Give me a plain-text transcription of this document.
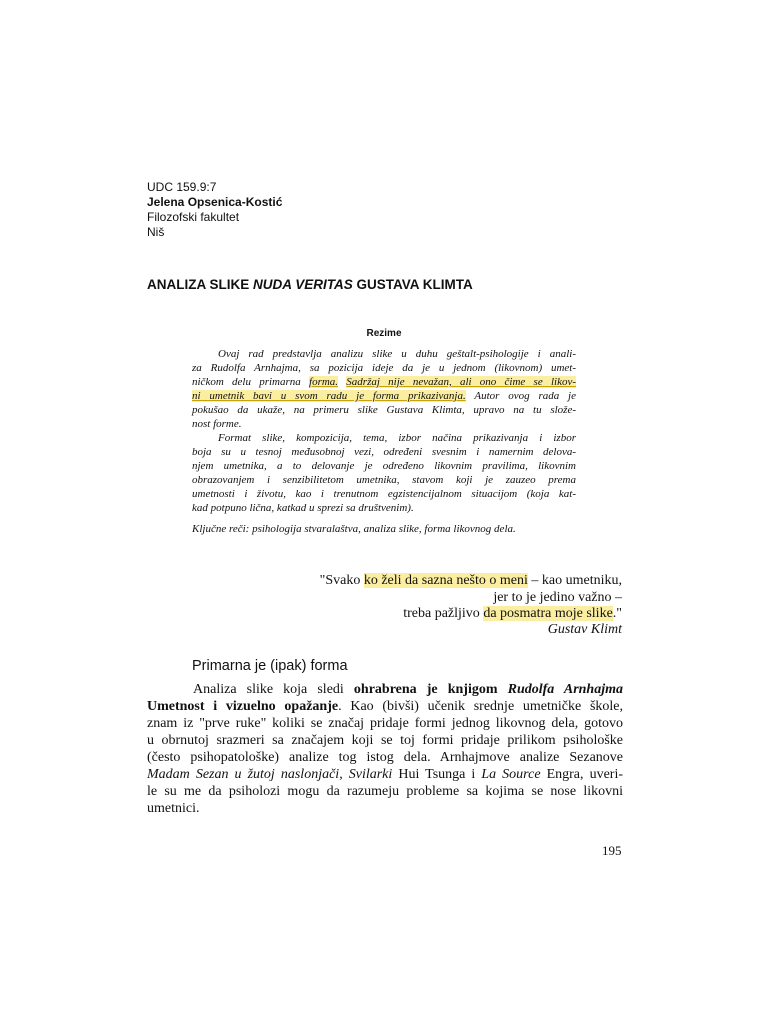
UDC 159.9:7
Jelena Opsenica-Kostić
Filozofski fakultet
Niš
ANALIZA SLIKE NUDA VERITAS GUSTAVA KLIMTA
Rezime
Ovaj rad predstavlja analizu slike u duhu geštalt-psihologije i anali-
za Rudolfa Arnhajma, sa pozicija ideje da je u jednom (likovnom) umet-
ničkom delu primarna forma. Sadržaj nije nevažan, ali ono čime se likov-
ni umetnik bavi u svom radu je forma prikazivanja. Autor ovog rada je
pokušao da ukaže, na primeru slike Gustava Klimta, upravo na tu slože-
nost forme.
Format slike, kompozicija, tema, izbor načina prikazivanja i izbor
boja su u tesnoj međusobnoj vezi, određeni svesnim i namernim delova-
njem umetnika, a to delovanje je određeno likovnim pravilima, likovnim
obrazovanjem i senzibilitetom umetnika, stavom koji je zauzeo prema
umetnosti i životu, kao i trenutnom egzistencijalnom situacijom (koja kat-
kad potpuno lična, katkad u sprezi sa društvenim).
Ključne reči: psihologija stvaralaštva, analiza slike, forma likovnog dela.
"Svako ko želi da sazna nešto o meni – kao umetniku,
jer to je jedino važno –
treba pažljivo da posmatra moje slike."
Gustav Klimt
Primarna je (ipak) forma
Analiza slike koja sledi ohrabrena je knjigom Rudolfa Arnhajma
Umetnost i vizuelno opažanje. Kao (bivši) učenik srednje umetničke škole,
znam iz "prve ruke" koliki se značaj pridaje formi jednog likovnog dela, gotovo
u obrnutoj srazmeri sa značajem koji se toj formi pridaje prilikom psihološke
(često psihopatološke) analize tog istog dela. Arnhajmove analize Sezanove
Madam Sezan u žutoj naslonjači, Svilarki Hui Tsunga i La Source Engra, uveri-
le su me da psiholozi mogu da razumeju probleme sa kojima se nose likovni
umetnici.
195
